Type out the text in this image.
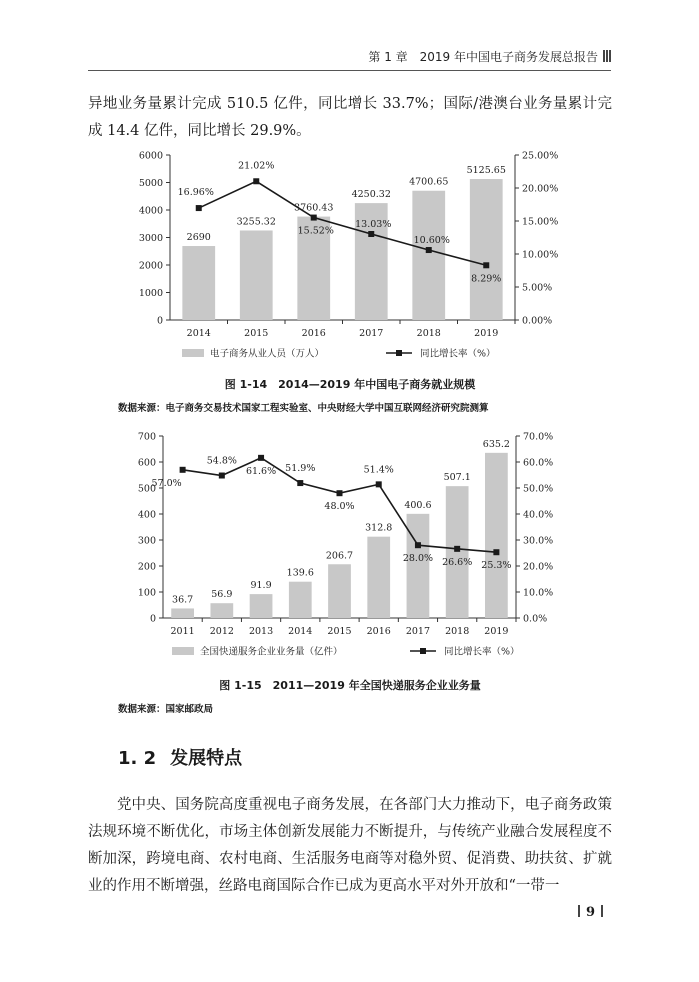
第 1 章　2019 年中国电子商务发展总报告
异地业务量累计完成 510.5 亿件，同比增长 33.7%；国际/港澳台业务量累计完成 14.4 亿件，同比增长 29.9%。
0
1000
2000
3000
4000
5000
6000
0.00%
5.00%
10.00%
15.00%
20.00%
25.00%
2690
2014
3255.32
2015
3760.43
2016
4250.32
2017
4700.65
2018
5125.65
2019
16.96%
21.02%
15.52%
13.03%
10.60%
8.29%
电子商务从业人员（万人）	同比增长率（%）
图 1-14　2014—2019 年中国电子商务就业规模
数据来源：电子商务交易技术国家工程实验室、中央财经大学中国互联网经济研究院测算
0
100
200
300
400
500
600
700
0.0%
10.0%
20.0%
30.0%
40.0%
50.0%
60.0%
70.0%
36.7
2011
56.9
2012
91.9
2013
139.6
2014
206.7
2015
312.8
2016
400.6
2017
507.1
2018
635.2
2019
57.0%
54.8%
61.6% 51.9%
48.0%
51.4%
28.0% 26.6% 25.3%
全国快递服务企业业务量（亿件）	同比增长率（%）
图 1-15　2011—2019 年全国快递服务企业业务量
数据来源：国家邮政局
1. 2 发展特点
党中央、国务院高度重视电子商务发展，在各部门大力推动下，电子商务政策法规环境不断优化，市场主体创新发展能力不断提升，与传统产业融合发展程度不断加深，跨境电商、农村电商、生活服务电商等对稳外贸、促消费、助扶贫、扩就业的作用不断增强，丝路电商国际合作已成为更高水平对外开放和“一带一
9
